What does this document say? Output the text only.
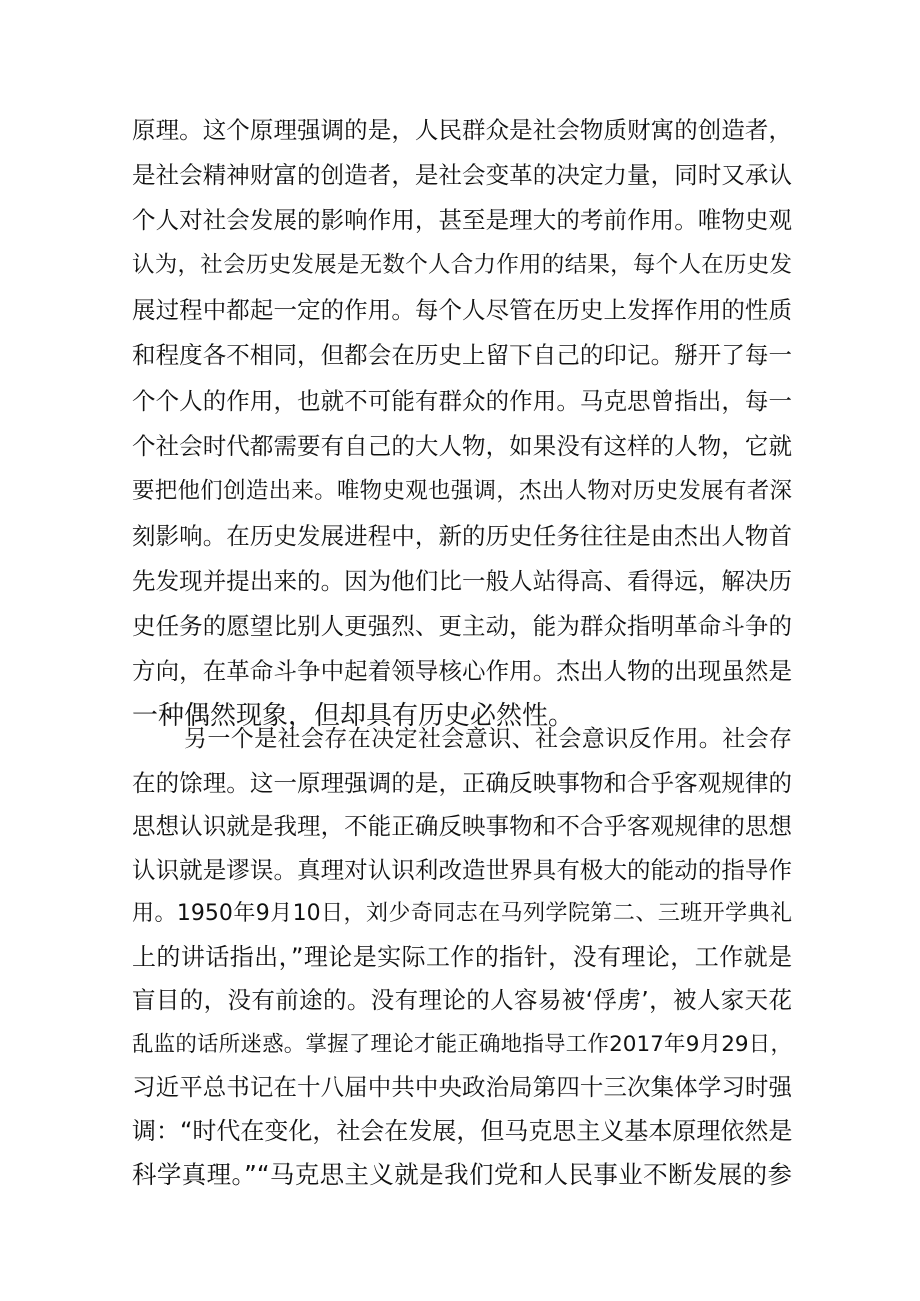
原理。这个原理强调的是，人民群众是社会物质财寓的创造者，
是社会精神财富的创造者，是社会变革的决定力量，同时又承认
个人对社会发展的影响作用，甚至是理大的考前作用。唯物史观
认为，社会历史发展是无数个人合力作用的结果，每个人在历史发
展过程中都起一定的作用。每个人尽管在历史上发挥作用的性质
和程度各不相同，但都会在历史上留下自己的印记。掰开了每一
个个人的作用，也就不可能有群众的作用。马克思曾指出，每一
个社会时代都需要有自己的大人物，如果没有这样的人物，它就
要把他们创造出来。唯物史观也强调，杰出人物对历史发展有者深
刻影响。在历史发展进程中，新的历史任务往往是由杰出人物首
先发现并提出来的。因为他们比一般人站得高、看得远，解决历
史任务的愿望比别人更强烈、更主动，能为群众指明革命斗争的
方向，在革命斗争中起着领导核心作用。杰出人物的出现虽然是
一种偶然现象，但却具有历史必然性。
另一个是社会存在决定社会意识、社会意识反作用。社会存
在的馀理。这一原理强调的是，正确反映事物和合乎客观规律的
思想认识就是我理，不能正确反映事物和不合乎客观规律的思想
认识就是谬误。真理对认识利改造世界具有极大的能动的指导作
用。1950年9月10日，刘少奇同志在马列学院第二、三班开学典礼
上的讲话指出，”理论是实际工作的指针，没有理论，工作就是
盲目的，没有前途的。没有理论的人容易被‘俘虏’，被人家天花
乱监的话所迷惑。掌握了理论才能正确地指导工作2017年9月29日，
习近平总书记在十八届中共中央政治局第四十三次集体学习时强
调：“时代在变化，社会在发展，但马克思主义基本原理依然是
科学真理。”“马克思主义就是我们党和人民事业不断发展的参
